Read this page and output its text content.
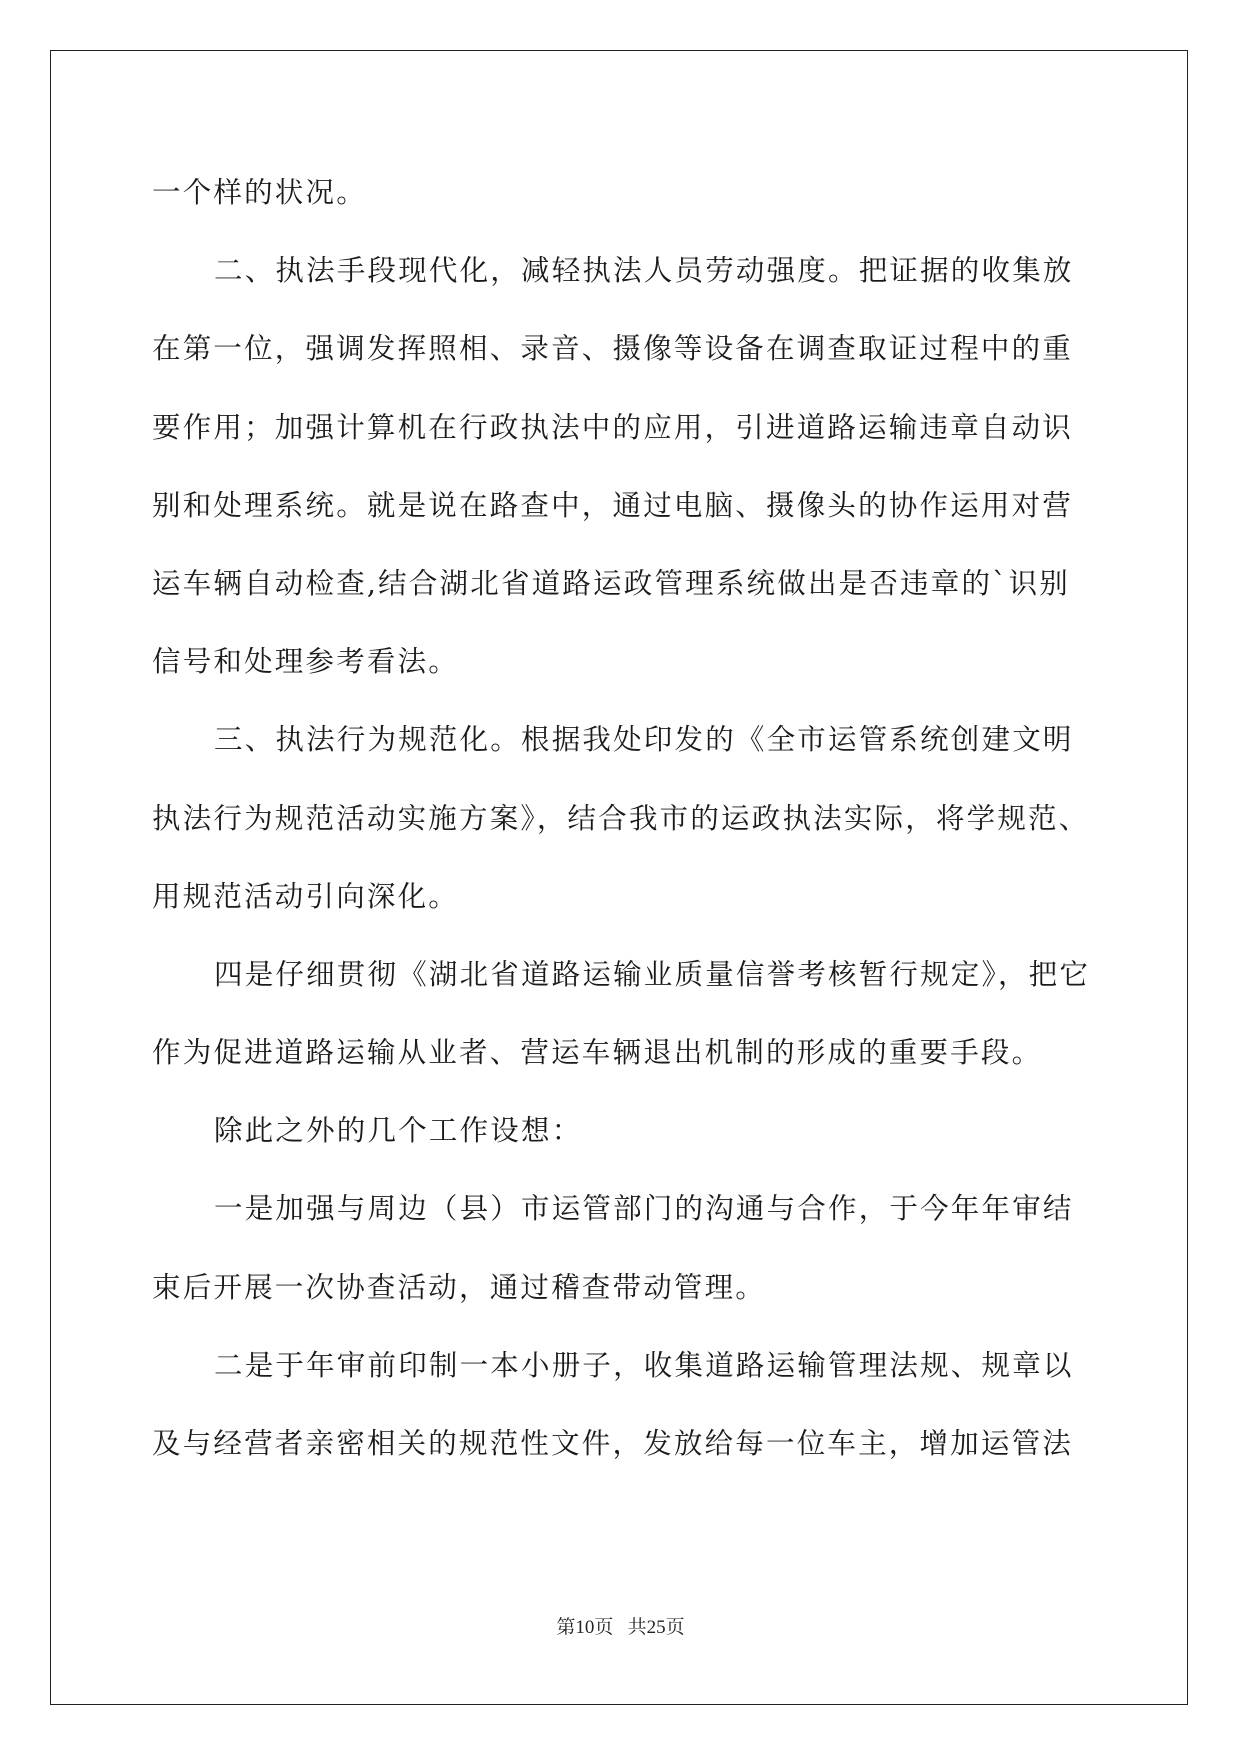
一个样的状况。
二、执法手段现代化，减轻执法人员劳动强度。把证据的收集放
在第一位，强调发挥照相、录音、摄像等设备在调查取证过程中的重
要作用；加强计算机在行政执法中的应用，引进道路运输违章自动识
别和处理系统。就是说在路查中，通过电脑、摄像头的协作运用对营
运车辆自动检查,结合湖北省道路运政管理系统做出是否违章的`识别
信号和处理参考看法。
三、执法行为规范化。根据我处印发的《全市运管系统创建文明
执法行为规范活动实施方案》，结合我市的运政执法实际，将学规范、
用规范活动引向深化。
四是仔细贯彻《湖北省道路运输业质量信誉考核暂行规定》，把它
作为促进道路运输从业者、营运车辆退出机制的形成的重要手段。
除此之外的几个工作设想：
一是加强与周边（县）市运管部门的沟通与合作，于今年年审结
束后开展一次协查活动，通过稽查带动管理。
二是于年审前印制一本小册子，收集道路运输管理法规、规章以
及与经营者亲密相关的规范性文件，发放给每一位车主，增加运管法
第10页 共25页
